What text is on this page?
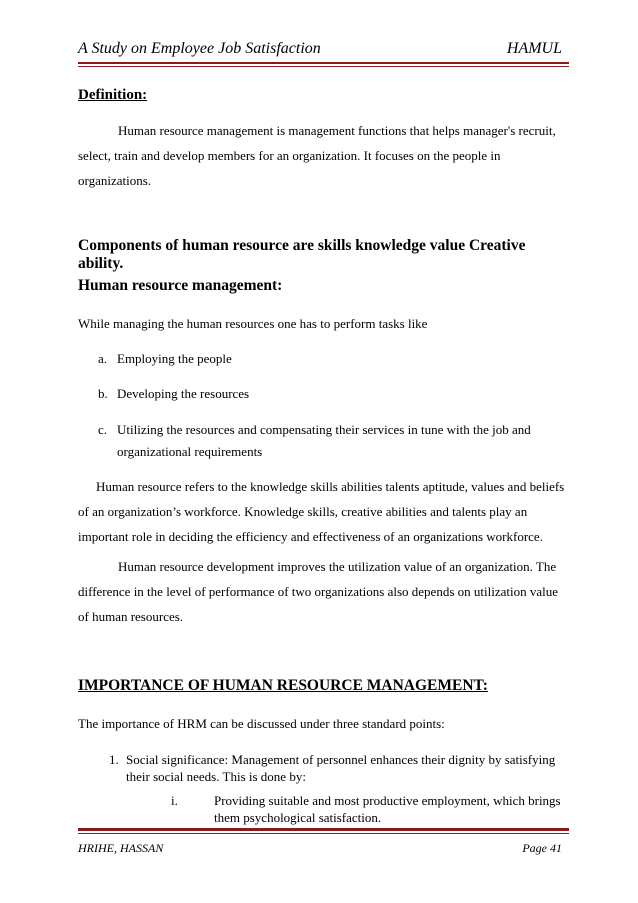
A Study on Employee Job Satisfaction	HAMUL
Definition:

Human resource management is management functions that helps manager's recruit, select, train and develop members for an organization. It focuses on the people in organizations.

Components of human resource are skills knowledge value Creative ability.
Human resource management:

While managing the human resources one has to perform tasks like

a. Employing the people
b. Developing the resources
c. Utilizing the resources and compensating their services in tune with the job and organizational requirements

Human resource refers to the knowledge skills abilities talents aptitude, values and beliefs of an organization’s workforce. Knowledge skills, creative abilities and talents play an important role in deciding the efficiency and effectiveness of an organizations workforce.

Human resource development improves the utilization value of an organization. The difference in the level of performance of two organizations also depends on utilization value of human resources.

IMPORTANCE OF HUMAN RESOURCE MANAGEMENT:

The importance of HRM can be discussed under three standard points:

1. Social significance: Management of personnel enhances their dignity by satisfying their social needs. This is done by:
i.	Providing suitable and most productive employment, which brings them psychological satisfaction.
HRIHE, HASSAN	Page 41
